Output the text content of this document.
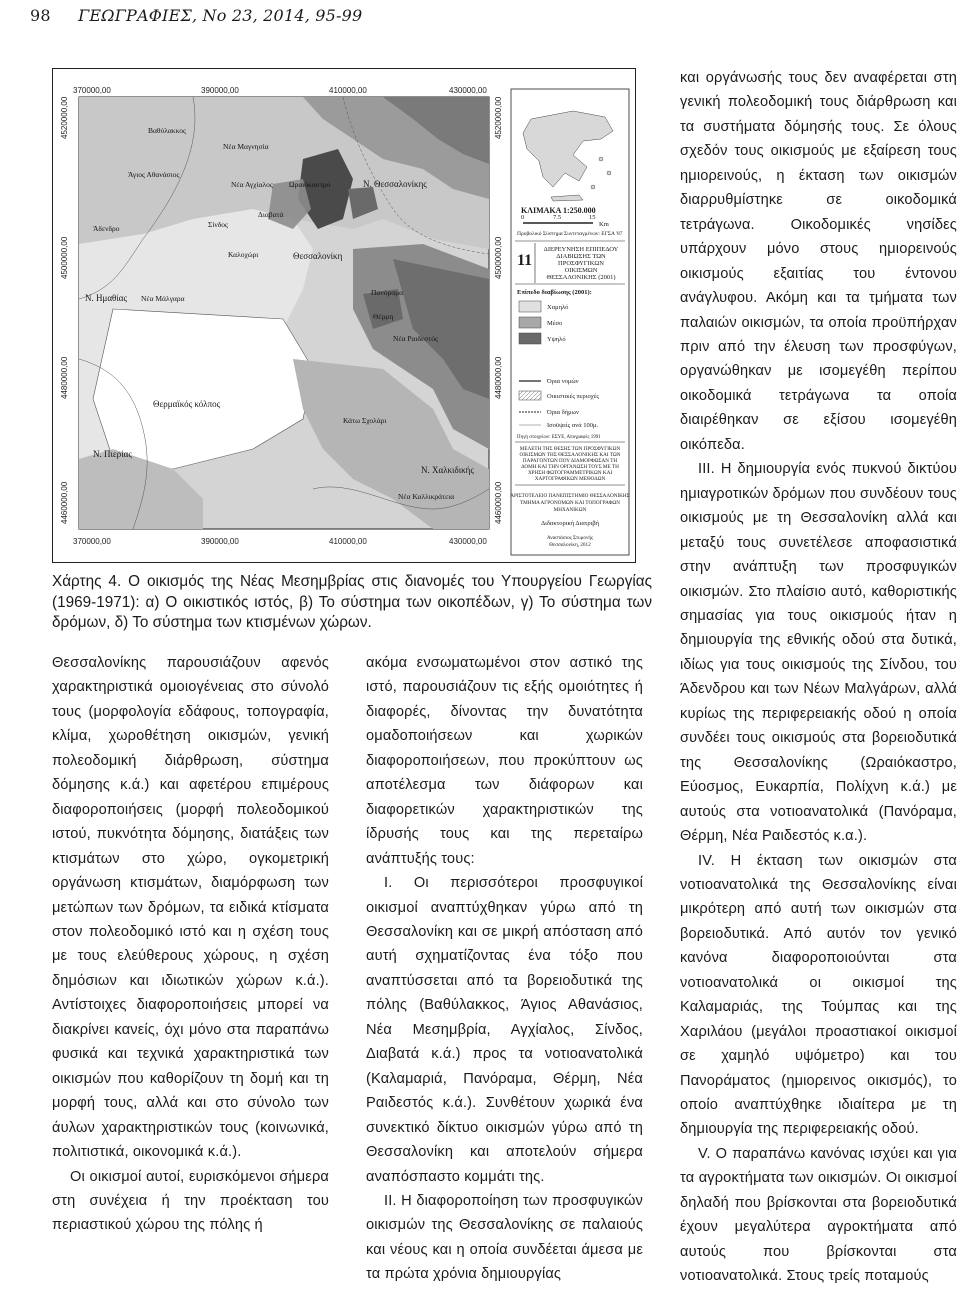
98 ΓΕΩΓΡΑΦΙΕΣ, Νο 23, 2014, 95-99
370000,00	390000,00	410000,00	430000,00
370000,00	390000,00	410000,00	430000,00
4520000,00
4500000,00
4480000,00
4460000,00
4520000,00
4500000,00
4480000,00
4460000,00
Βαθύλακκος
Νέα Μαγνησία
Άγιος Αθανάσιος
Νέα Αγχίαλος Ωραιόκαστρο	Ν. Θεσσαλονίκης
Άδενδρο	Σίνδος
Διαβατά
Καλοχώρι	Θεσσαλονίκη
Ν. Ημαθίας Νέα Μάλγαρα
Πανόραμα
Θέρμη
Νέα Ραιδεστός
Θερμαϊκός κόλπος
Κάτω Σχολάρι
Ν. Πιερίας
Ν. Χαλκιδικής
Νέα Καλλικράτεια
ΚΛΙΜΑΚΑ 1:250.000
0	7.5	15
Km
Προβολικό Σύστημα Συντεταγμένων: ΕΓΣΑ '87
11
ΔΙΕΡΕΥΝΗΣΗ ΕΠΙΠΕΔΟΥ
ΔΙΑΒΙΩΣΗΣ ΤΩΝ
ΠΡΟΣΦΥΓΙΚΩΝ
ΟΙΚΙΣΜΩΝ
ΘΕΣΣΑΛΟΝΙΚΗΣ (2001)
Επίπεδο διαβίωσης (2001):
Χαμηλό
Μέσο
Υψηλό
Όρια νομών
Οικιστικές περιοχές
Όρια δήμων
Ισοϋψείς ανά 100μ.
Πηγή στοιχείων: ΕΣΥΕ, Απογραφές 1991
ΜΕΛΕΤΗ ΤΗΣ ΘΕΣΗΣ ΤΩΝ ΠΡΟΣΦΥΓΙΚΩΝ
ΟΙΚΙΣΜΩΝ ΤΗΣ ΘΕΣΣΑΛΟΝΙΚΗΣ ΚΑΙ ΤΩΝ
ΠΑΡΑΓΟΝΤΩΝ ΠΟΥ ΔΙΑΜΟΡΦΩΣΑΝ ΤΗ
ΔΟΜΗ ΚΑΙ ΤΗΝ ΟΡΓΑΝΩΣΗ ΤΟΥΣ ΜΕ ΤΗ
ΧΡΗΣΗ ΦΩΤΟΓΡΑΜΜΕΤΡΙΚΩΝ ΚΑΙ
ΧΑΡΤΟΓΡΑΦΙΚΩΝ ΜΕΘΟΔΩΝ
ΑΡΙΣΤΟΤΕΛΕΙΟ ΠΑΝΕΠΙΣΤΗΜΙΟ ΘΕΣΣΑΛΟΝΙΚΗΣ
ΤΜΗΜΑ ΑΓΡΟΝΟΜΩΝ ΚΑΙ ΤΟΠΟΓΡΑΦΩΝ
ΜΗΧΑΝΙΚΩΝ
Διδακτορική Διατριβή
Αναστάσιος Στυμονής
Θεσσαλονίκη, 2012
Χάρτης 4. Ο οικισμός της Νέας Μεσημβρίας στις διανομές του Υπουργείου Γεωργίας (1969-1971): α) Ο οικιστικός ιστός, β) Το σύστημα των οικοπέδων, γ) Το σύστημα των δρόμων, δ) Το σύστημα των κτισμένων χώρων.

Θεσσαλονίκης παρουσιάζουν αφενός χαρακτηριστικά ομοιογένειας στο σύνολό τους (μορφολογία εδάφους, τοπογραφία, κλίμα, χωροθέτηση οικισμών, γενική πολεοδομική διάρθρωση, σύστημα δόμησης κ.ά.) και αφετέρου επιμέρους διαφοροποιήσεις (μορφή πολεοδομικού ιστού, πυκνότητα δόμησης, διατάξεις των κτισμάτων στο χώρο, ογκομετρική οργάνωση κτισμάτων, διαμόρφωση των μετώπων των δρόμων, τα ειδικά κτίσματα στον πολεοδομικό ιστό και η σχέση τους με τους ελεύθερους χώρους, η σχέση δημόσιων και ιδιωτικών χώρων κ.ά.). Αντίστοιχες διαφοροποιήσεις μπορεί να διακρίνει κανείς, όχι μόνο στα παραπάνω φυσικά και τεχνικά χαρακτηριστικά των οικισμών που καθορίζουν τη δομή και τη μορφή τους, αλλά και στο σύνολο των άυλων χαρακτηριστικών τους (κοινωνικά, πολιτιστικά, οικονομικά κ.ά.).

Οι οικισμοί αυτοί, ευρισκόμενοι σήμερα στη συνέχεια ή την προέκταση του περιαστικού χώρου της πόλης ή

ακόμα ενσωματωμένοι στον αστικό της ιστό, παρουσιάζουν τις εξής ομοιότητες ή διαφορές, δίνοντας την δυνατότητα ομαδοποιήσεων και χωρικών διαφοροποιήσεων, που προκύπτουν ως αποτέλεσμα των διάφορων και διαφορετικών χαρακτηριστικών της ίδρυσής τους και της περεταίρω ανάπτυξής τους:

Ι. Οι περισσότεροι προσφυγικοί οικισμοί αναπτύχθηκαν γύρω από τη Θεσσαλονίκη και σε μικρή απόσταση από αυτή σχηματίζοντας ένα τόξο που αναπτύσσεται από τα βορειοδυτικά της πόλης (Βαθύλακκος, Άγιος Αθανάσιος, Νέα Μεσημβρία, Αγχίαλος, Σίνδος, Διαβατά κ.ά.) προς τα νοτιοανατολικά (Καλαμαριά, Πανόραμα, Θέρμη, Νέα Ραιδεστός κ.ά.). Συνθέτουν χωρικά ένα συνεκτικό δίκτυο οικισμών γύρω από τη Θεσσαλονίκη και αποτελούν σήμερα αναπόσπαστο κομμάτι της.

ΙΙ. Η διαφοροποίηση των προσφυγικών οικισμών της Θεσσαλονίκης σε παλαιούς και νέους και η οποία συνδέεται άμεσα με τα πρώτα χρόνια δημιουργίας

και οργάνωσής τους δεν αναφέρεται στη γενική πολεοδομική τους διάρθρωση και τα συστήματα δόμησής τους. Σε όλους σχεδόν τους οικισμούς με εξαίρεση τους ημιορεινούς, η έκταση των οικισμών διαρρυθμίστηκε σε οικοδομικά τετράγωνα. Οικοδομικές νησίδες υπάρχουν μόνο στους ημιορεινούς οικισμούς εξαιτίας του έντονου ανάγλυφου. Ακόμη και τα τμήματα των παλαιών οικισμών, τα οποία προϋπήρχαν πριν από την έλευση των προσφύγων, οργανώθηκαν με ισομεγέθη περίπου οικοδομικά τετράγωνα τα οποία διαιρέθηκαν σε εξίσου ισομεγέθη οικόπεδα.

ΙΙΙ. Η δημιουργία ενός πυκνού δικτύου ημιαγροτικών δρόμων που συνδέουν τους οικισμούς με τη Θεσσαλονίκη αλλά και μεταξύ τους συνετέλεσε αποφασιστικά στην ανάπτυξη των προσφυγικών οικισμών. Στο πλαίσιο αυτό, καθοριστικής σημασίας για τους οικισμούς ήταν η δημιουργία της εθνικής οδού στα δυτικά, ιδίως για τους οικισμούς της Σίνδου, του Άδενδρου και των Νέων Μαλγάρων, αλλά κυρίως της περιφερειακής οδού η οποία συνδέει τους οικισμούς στα βορειοδυτικά της Θεσσαλονίκης (Ωραιόκαστρο, Εύοσμος, Ευκαρπία, Πολίχνη κ.ά.) με αυτούς στα νοτιοανατολικά (Πανόραμα, Θέρμη, Νέα Ραιδεστός κ.α.).

IV. Η έκταση των οικισμών στα νοτιοανατολικά της Θεσσαλονίκης είναι μικρότερη από αυτή των οικισμών στα βορειοδυτικά. Από αυτόν τον γενικό κανόνα διαφοροποιούνται στα νοτιοανατολικά οι οικισμοί της Καλαμαριάς, της Τούμπας και της Χαριλάου (μεγάλοι προαστιακοί οικισμοί σε χαμηλό υψόμετρο) και του Πανοράματος (ημιορεινος οικισμός), το οποίο αναπτύχθηκε ιδιαίτερα με τη δημιουργία της περιφερειακής οδού.

V. Ο παραπάνω κανόνας ισχύει και για τα αγροκτήματα των οικισμών. Οι οικισμοί δηλαδή που βρίσκονται στα βορειοδυτικά έχουν μεγαλύτερα αγροκτήματα από αυτούς που βρίσκονται στα νοτιοανατολικά. Στους τρείς ποταμούς
